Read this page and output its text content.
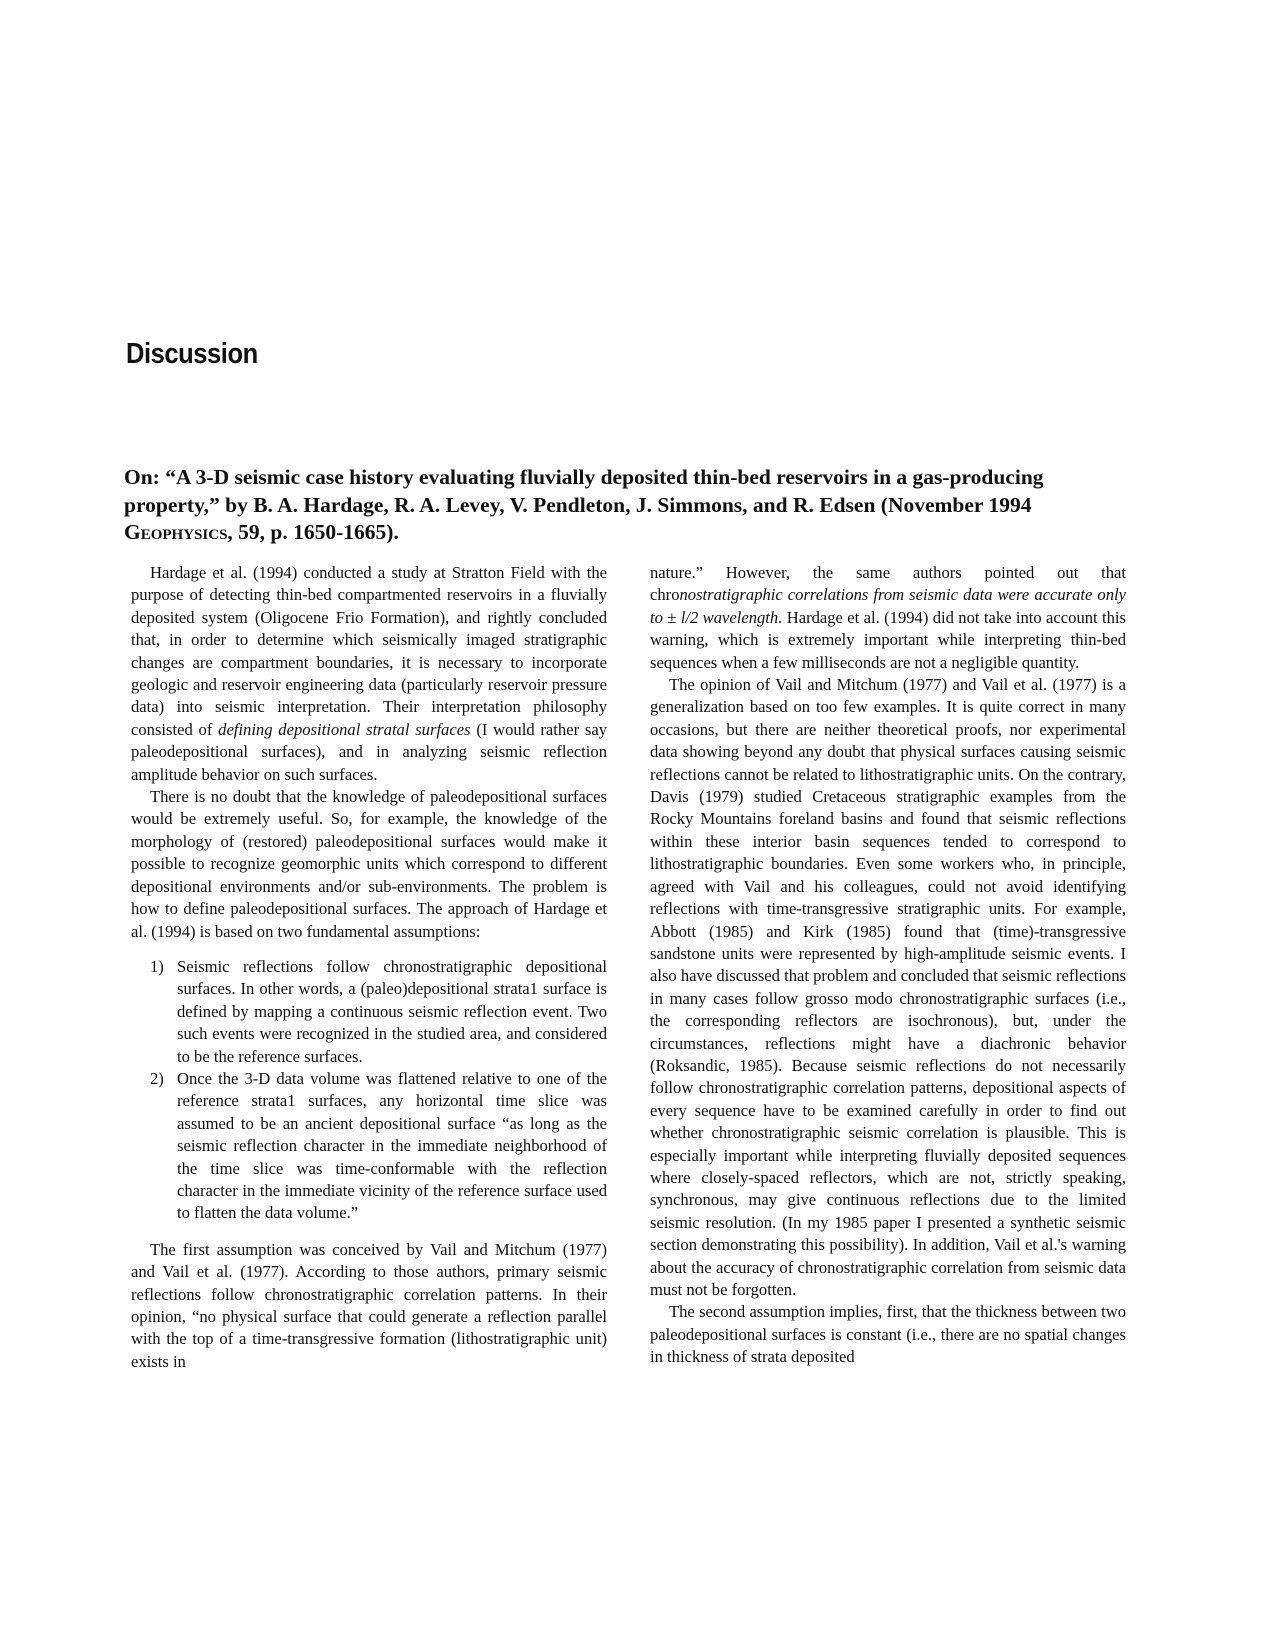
Discussion
On: “A 3-D seismic case history evaluating fluvially deposited thin-bed reservoirs in a gas-producing property,” by B. A. Hardage, R. A. Levey, V. Pendleton, J. Simmons, and R. Edsen (November 1994 Geophysics, 59, p. 1650-1665).

Hardage et al. (1994) conducted a study at Stratton Field with the purpose of detecting thin-bed compartmented reservoirs in a fluvially deposited system (Oligocene Frio Formation), and rightly concluded that, in order to determine which seismically imaged stratigraphic changes are compartment boundaries, it is necessary to incorporate geologic and reservoir engineering data (particularly reservoir pressure data) into seismic interpretation. Their interpretation philosophy consisted of defining depositional stratal surfaces (I would rather say paleodepositional surfaces), and in analyzing seismic reflection amplitude behavior on such surfaces.

There is no doubt that the knowledge of paleodepositional surfaces would be extremely useful. So, for example, the knowledge of the morphology of (restored) paleodepositional surfaces would make it possible to recognize geomorphic units which correspond to different depositional environments and/or sub-environments. The problem is how to define paleodepositional surfaces. The approach of Hardage et al. (1994) is based on two fundamental assumptions:

1) Seismic reflections follow chronostratigraphic depositional surfaces. In other words, a (paleo)depositional strata1 surface is defined by mapping a continuous seismic reflection event. Two such events were recognized in the studied area, and considered to be the reference surfaces.
2) Once the 3-D data volume was flattened relative to one of the reference strata1 surfaces, any horizontal time slice was assumed to be an ancient depositional surface “as long as the seismic reflection character in the immediate neighborhood of the time slice was time-conformable with the reflection character in the immediate vicinity of the reference surface used to flatten the data volume.”

The first assumption was conceived by Vail and Mitchum (1977) and Vail et al. (1977). According to those authors, primary seismic reflections follow chronostratigraphic correlation patterns. In their opinion, “no physical surface that could generate a reflection parallel with the top of a time-transgressive formation (lithostratigraphic unit) exists in

nature.” However, the same authors pointed out that chronostratigraphic correlations from seismic data were accurate only to ± l/2 wavelength. Hardage et al. (1994) did not take into account this warning, which is extremely important while interpreting thin-bed sequences when a few milliseconds are not a negligible quantity.

The opinion of Vail and Mitchum (1977) and Vail et al. (1977) is a generalization based on too few examples. It is quite correct in many occasions, but there are neither theoretical proofs, nor experimental data showing beyond any doubt that physical surfaces causing seismic reflections cannot be related to lithostratigraphic units. On the contrary, Davis (1979) studied Cretaceous stratigraphic examples from the Rocky Mountains foreland basins and found that seismic reflections within these interior basin sequences tended to correspond to lithostratigraphic boundaries. Even some workers who, in principle, agreed with Vail and his colleagues, could not avoid identifying reflections with time-transgressive stratigraphic units. For example, Abbott (1985) and Kirk (1985) found that (time)-transgressive sandstone units were represented by high-amplitude seismic events. I also have discussed that problem and concluded that seismic reflections in many cases follow grosso modo chronostratigraphic surfaces (i.e., the corresponding reflectors are isochronous), but, under the circumstances, reflections might have a diachronic behavior (Roksandic, 1985). Because seismic reflections do not necessarily follow chronostratigraphic correlation patterns, depositional aspects of every sequence have to be examined carefully in order to find out whether chronostratigraphic seismic correlation is plausible. This is especially important while interpreting fluvially deposited sequences where closely-spaced reflectors, which are not, strictly speaking, synchronous, may give continuous reflections due to the limited seismic resolution. (In my 1985 paper I presented a synthetic seismic section demonstrating this possibility). In addition, Vail et al.'s warning about the accuracy of chronostratigraphic correlation from seismic data must not be forgotten.

The second assumption implies, first, that the thickness between two paleodepositional surfaces is constant (i.e., there are no spatial changes in thickness of strata deposited
